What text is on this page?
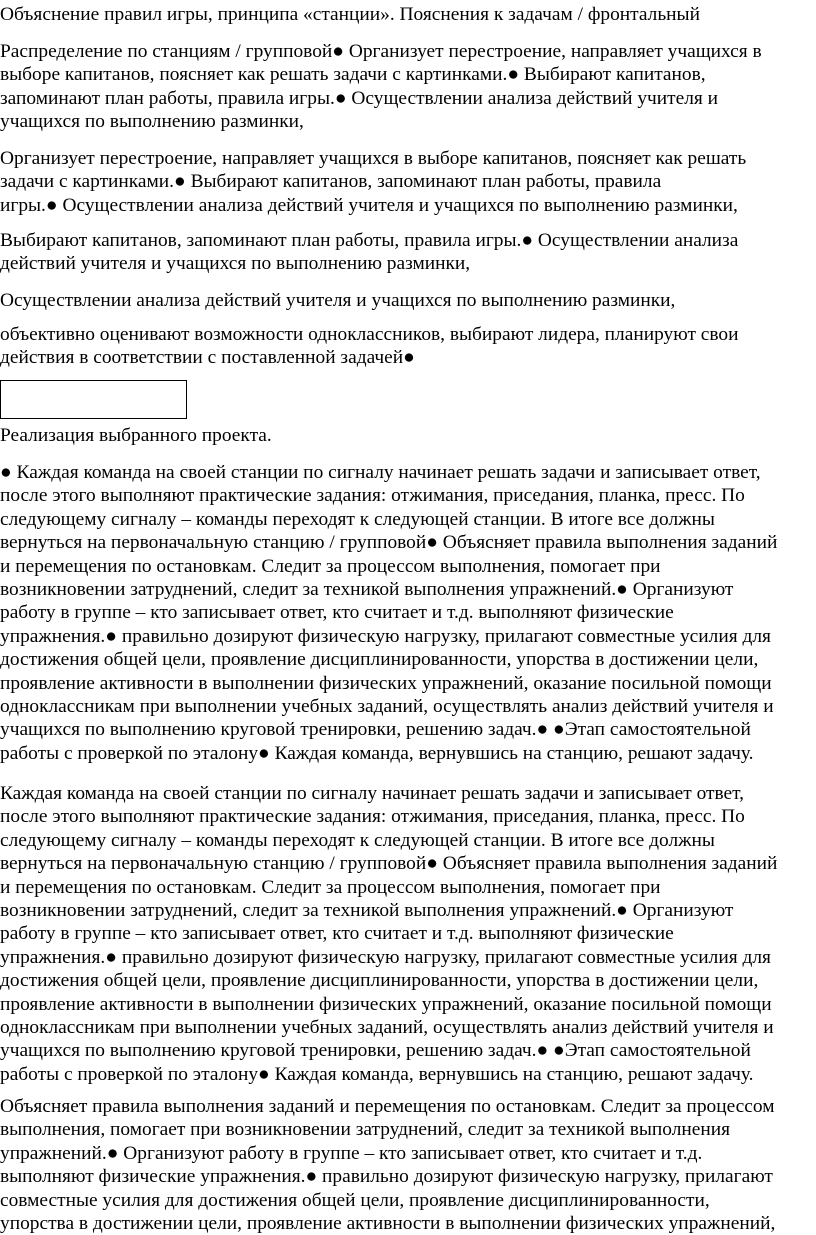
Объяснение правил игры, принципа «станции». Пояснения к задачам / фронтальный

Распределение по станциям / групповой● Организует перестроение, направляет учащихся в
выборе капитанов, поясняет как решать задачи с картинками.● Выбирают капитанов,
запоминают план работы, правила игры.● Осуществлении анализа действий учителя и
учащихся по выполнению разминки,

Организует перестроение, направляет учащихся в выборе капитанов, поясняет как решать
задачи с картинками.● Выбирают капитанов, запоминают план работы, правила
игры.● Осуществлении анализа действий учителя и учащихся по выполнению разминки,

Выбирают капитанов, запоминают план работы, правила игры.● Осуществлении анализа
действий учителя и учащихся по выполнению разминки,

Осуществлении анализа действий учителя и учащихся по выполнению разминки,

объективно оценивают возможности одноклассников, выбирают лидера, планируют свои
действия в соответствии с поставленной задачей●

Реализация выбранного проекта.

● Каждая команда на своей станции по сигналу начинает решать задачи и записывает ответ,
после этого выполняют практические задания: отжимания, приседания, планка, пресс. По
следующему сигналу – команды переходят к следующей станции. В итоге все должны
вернуться на первоначальную станцию / групповой● Объясняет правила выполнения заданий
и перемещения по остановкам. Следит за процессом выполнения, помогает при
возникновении затруднений, следит за техникой выполнения упражнений.● Организуют
работу в группе – кто записывает ответ, кто считает и т.д. выполняют физические
упражнения.● правильно дозируют физическую нагрузку, прилагают совместные усилия для
достижения общей цели, проявление дисциплинированности, упорства в достижении цели,
проявление активности в выполнении физических упражнений, оказание посильной помощи
одноклассникам при выполнении учебных заданий, осуществлять анализ действий учителя и
учащихся по выполнению круговой тренировки, решению задач.● ●Этап самостоятельной
работы с проверкой по эталону● Каждая команда, вернувшись на станцию, решают задачу.

Каждая команда на своей станции по сигналу начинает решать задачи и записывает ответ,
после этого выполняют практические задания: отжимания, приседания, планка, пресс. По
следующему сигналу – команды переходят к следующей станции. В итоге все должны
вернуться на первоначальную станцию / групповой● Объясняет правила выполнения заданий
и перемещения по остановкам. Следит за процессом выполнения, помогает при
возникновении затруднений, следит за техникой выполнения упражнений.● Организуют
работу в группе – кто записывает ответ, кто считает и т.д. выполняют физические
упражнения.● правильно дозируют физическую нагрузку, прилагают совместные усилия для
достижения общей цели, проявление дисциплинированности, упорства в достижении цели,
проявление активности в выполнении физических упражнений, оказание посильной помощи
одноклассникам при выполнении учебных заданий, осуществлять анализ действий учителя и
учащихся по выполнению круговой тренировки, решению задач.● ●Этап самостоятельной
работы с проверкой по эталону● Каждая команда, вернувшись на станцию, решают задачу.

Объясняет правила выполнения заданий и перемещения по остановкам. Следит за процессом
выполнения, помогает при возникновении затруднений, следит за техникой выполнения
упражнений.● Организуют работу в группе – кто записывает ответ, кто считает и т.д.
выполняют физические упражнения.● правильно дозируют физическую нагрузку, прилагают
совместные усилия для достижения общей цели, проявление дисциплинированности,
упорства в достижении цели, проявление активности в выполнении физических упражнений,
